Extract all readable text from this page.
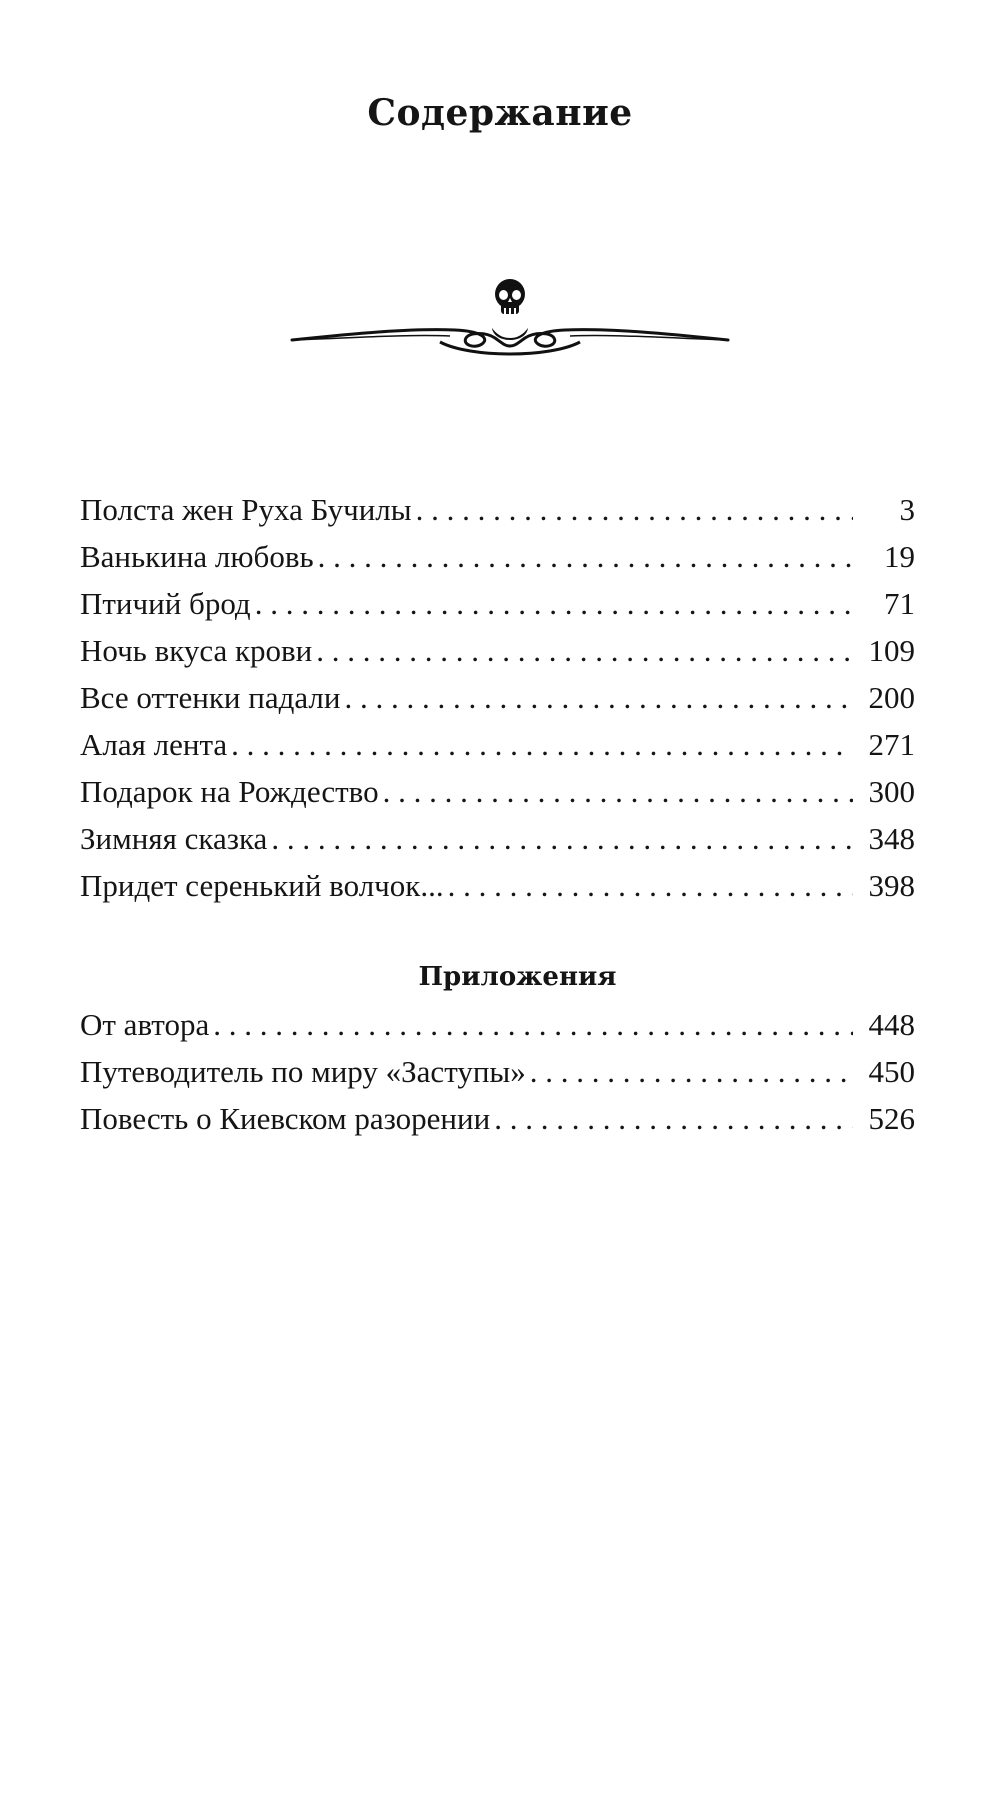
Содержание
Полста жен Руха Бучилы . . .	3
Ванькина любовь . . .	19
Птичий брод . . .	71
Ночь вкуса крови . . .	109
Все оттенки падали . . .	200
Алая лента . . .	271
Подарок на Рождество . . .	300
Зимняя сказка . . .	348
Придет серенький волчок... . . .	398
Приложения
От автора . . .	448
Путеводитель по миру «Заступы» . . .	450
Повесть о Киевском разорении . . .	526
